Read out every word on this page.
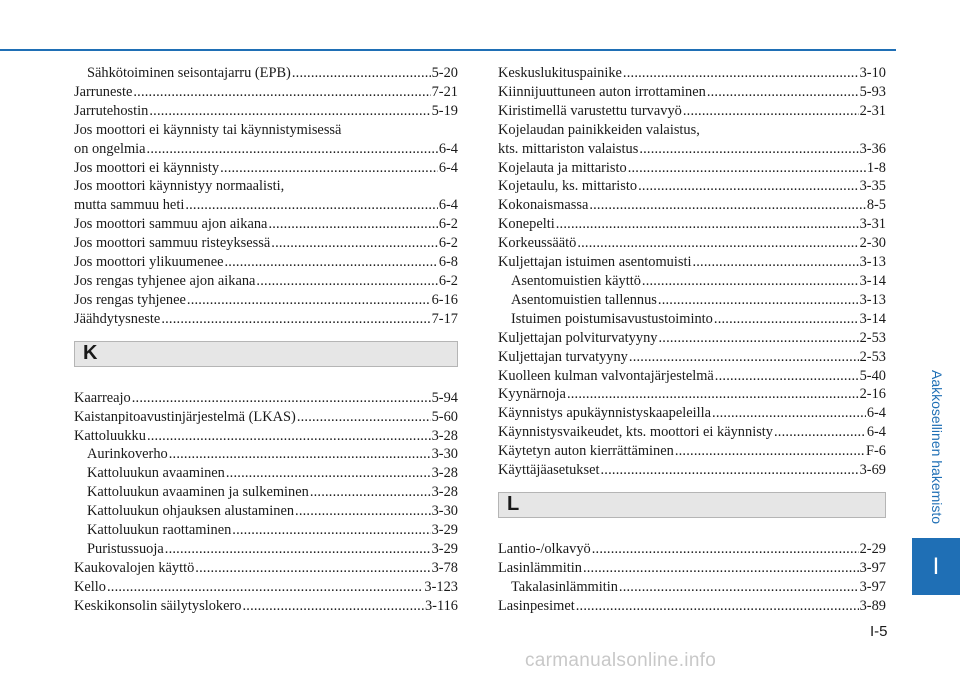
Sähkötoiminen seisontajarru (EPB) .....	5-20
Jarruneste .....	7-21
Jarrutehostin .....	5-19
Jos moottori ei käynnisty tai käynnistymisessä
on ongelmia .....	6-4
Jos moottori ei käynnisty .....	6-4
Jos moottori käynnistyy normaalisti,
mutta sammuu heti .....	6-4
Jos moottori sammuu ajon aikana .....	6-2
Jos moottori sammuu risteyksessä .....	6-2
Jos moottori ylikuumenee .....	6-8
Jos rengas tyhjenee ajon aikana .....	6-2
Jos rengas tyhjenee .....	6-16
Jäähdytysneste .....	7-17
K
Kaarreajo .....	5-94
Kaistanpitoavustinjärjestelmä (LKAS) .....	5-60
Kattoluukku .....	3-28
Aurinkoverho .....	3-30
Kattoluukun avaaminen .....	3-28
Kattoluukun avaaminen ja sulkeminen .....	3-28
Kattoluukun ohjauksen alustaminen .....	3-30
Kattoluukun raottaminen .....	3-29
Puristussuoja .....	3-29
Kaukovalojen käyttö .....	3-78
Kello .....	3-123
Keskikonsolin säilytyslokero .....	3-116
Keskuslukituspainike .....	3-10
Kiinnijuuttuneen auton irrottaminen .....	5-93
Kiristimellä varustettu turvavyö .....	2-31
Kojelaudan painikkeiden valaistus,
kts. mittariston valaistus .....	3-36
Kojelauta ja mittaristo .....	1-8
Kojetaulu, ks. mittaristo .....	3-35
Kokonaismassa .....	8-5
Konepelti .....	3-31
Korkeussäätö .....	2-30
Kuljettajan istuimen asentomuisti .....	3-13
Asentomuistien käyttö .....	3-14
Asentomuistien tallennus .....	3-13
Istuimen poistumisavustustoiminto .....	3-14
Kuljettajan polviturvatyyny .....	2-53
Kuljettajan turvatyyny .....	2-53
Kuolleen kulman valvontajärjestelmä .....	5-40
Kyynärnoja .....	2-16
Käynnistys apukäynnistyskaapeleilla .....	6-4
Käynnistysvaikeudet, kts. moottori ei käynnisty .....	6-4
Käytetyn auton kierrättäminen .....	F-6
Käyttäjäasetukset .....	3-69
L
Lantio-/olkavyö .....	2-29
Lasinlämmitin .....	3-97
Takalasinlämmitin .....	3-97
Lasinpesimet .....	3-89
Aakkosellinen hakemisto
I
I-5
carmanualsonline.info
